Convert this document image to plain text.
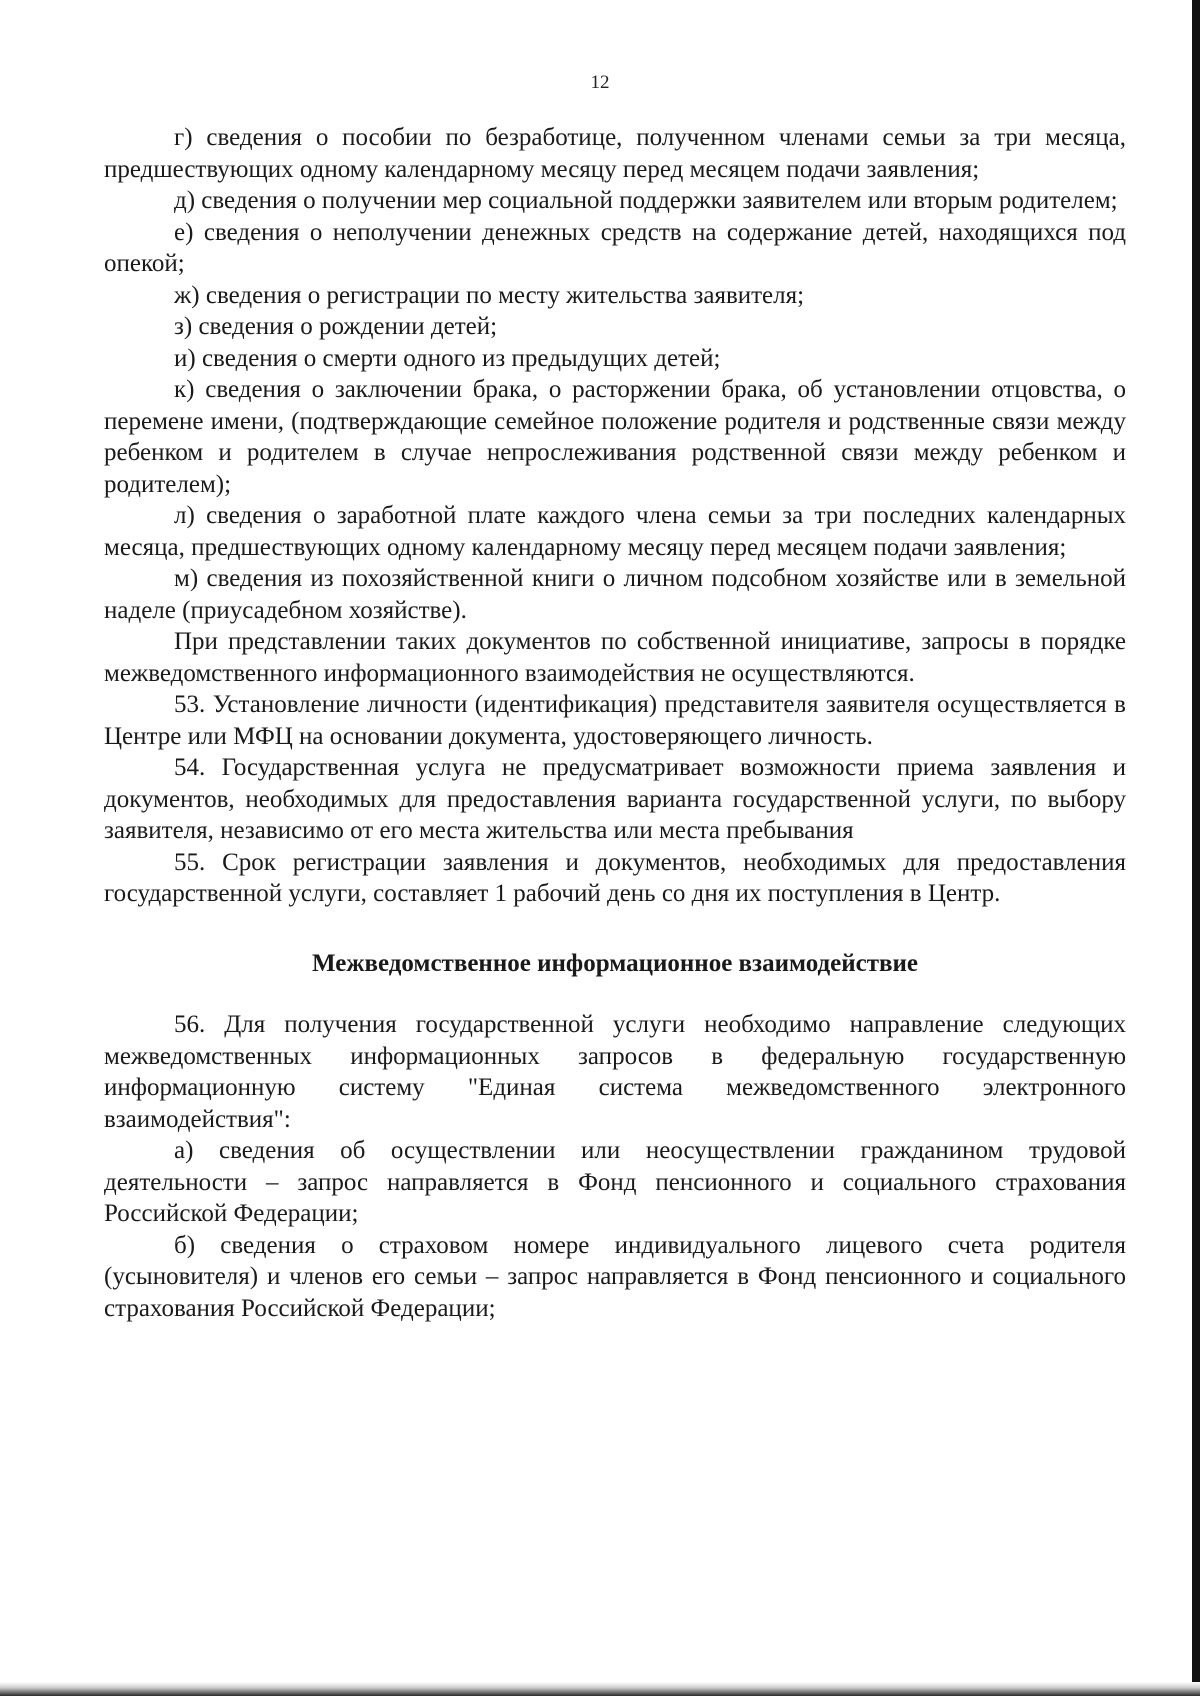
12

г) сведения о пособии по безработице, полученном членами семьи за три месяца, предшествующих одному календарному месяцу перед месяцем подачи заявления;

д) сведения о получении мер социальной поддержки заявителем или вторым родителем;

е) сведения о неполучении денежных средств на содержание детей, находящихся под опекой;

ж) сведения о регистрации по месту жительства заявителя;

з) сведения о рождении детей;

и) сведения о смерти одного из предыдущих детей;

к) сведения о заключении брака, о расторжении брака, об установлении отцовства, о перемене имени, (подтверждающие семейное положение родителя и родственные связи между ребенком и родителем в случае непрослеживания родственной связи между ребенком и родителем);

л) сведения о заработной плате каждого члена семьи за три последних календарных месяца, предшествующих одному календарному месяцу перед месяцем подачи заявления;

м) сведения из похозяйственной книги о личном подсобном хозяйстве или в земельной наделе (приусадебном хозяйстве).

При представлении таких документов по собственной инициативе, запросы в порядке межведомственного информационного взаимодействия не осуществляются.

53. Установление личности (идентификация) представителя заявителя осуществляется в Центре или МФЦ на основании документа, удостоверяющего личность.

54. Государственная услуга не предусматривает возможности приема заявления и документов, необходимых для предоставления варианта государственной услуги, по выбору заявителя, независимо от его места жительства или места пребывания

55. Срок регистрации заявления и документов, необходимых для предоставления государственной услуги, составляет 1 рабочий день со дня их поступления в Центр.

Межведомственное информационное взаимодействие

56. Для получения государственной услуги необходимо направление следующих межведомственных информационных запросов в федеральную государственную информационную систему "Единая система межведомственного электронного взаимодействия":

а) сведения об осуществлении или неосуществлении гражданином трудовой деятельности – запрос направляется в Фонд пенсионного и социального страхования Российской Федерации;

б) сведения о страховом номере индивидуального лицевого счета родителя (усыновителя) и членов его семьи – запрос направляется в Фонд пенсионного и социального страхования Российской Федерации;
